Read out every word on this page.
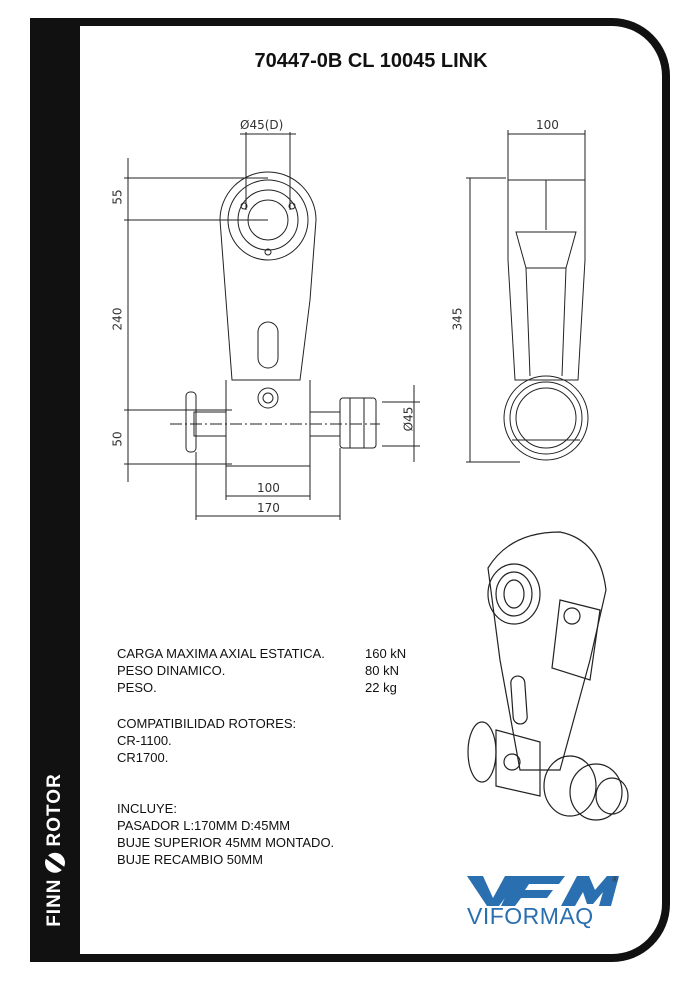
FINN
ROTOR
70447-0B CL 10045 LINK
Ø45(D)
55
240
50
100
170
Ø45
100
345
CARGA MAXIMA AXIAL ESTATICA.	160 kN
PESO DINAMICO.	80 kN
PESO.	22 kg
COMPATIBILIDAD ROTORES:
CR-1100.
CR1700.
INCLUYE:
PASADOR L:170MM D:45MM
BUJE SUPERIOR 45MM MONTADO.
BUJE RECAMBIO 50MM
VIFORMAQ
®
